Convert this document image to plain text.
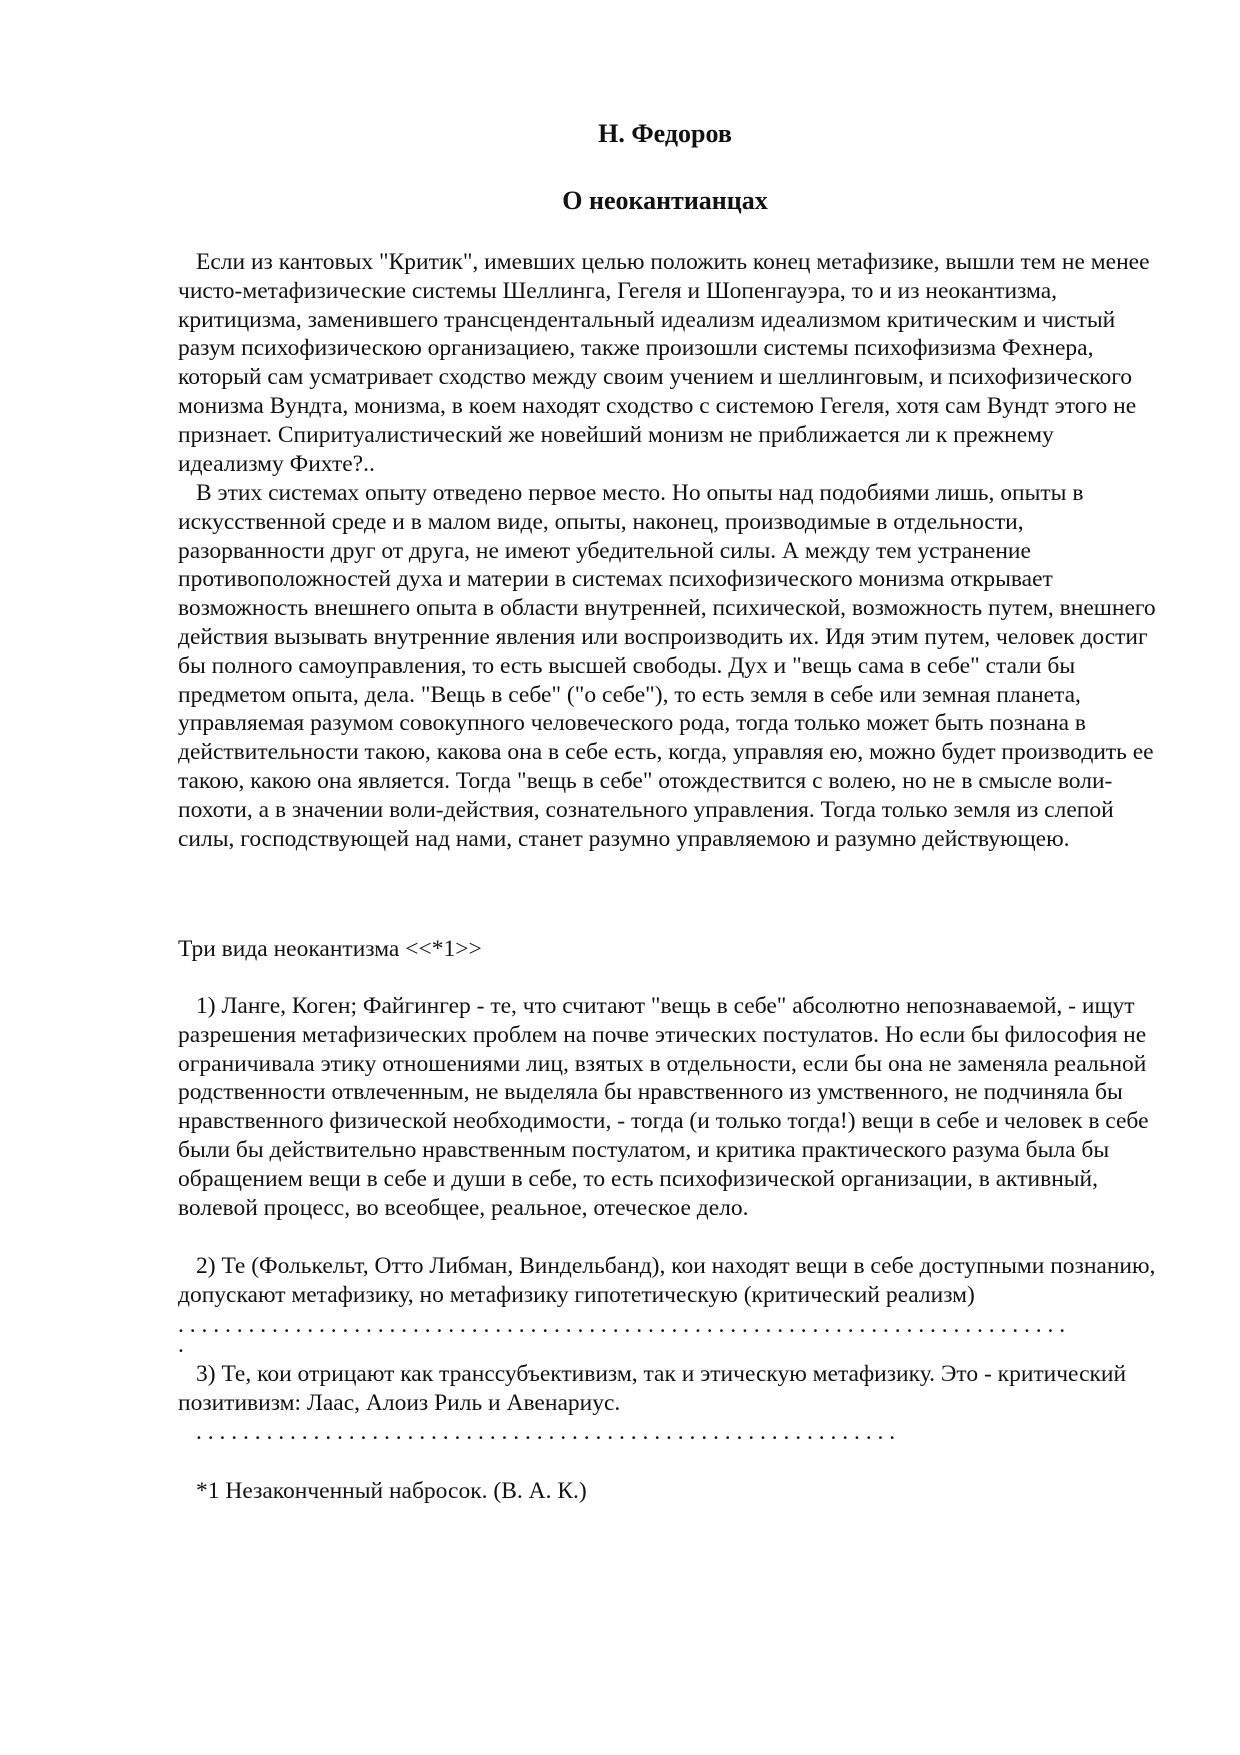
Н. Федоров
О неокантианцах

Если из кантовых "Критик", имевших целью положить конец метафизике, вышли тем не менее чисто-метафизические системы Шеллинга, Гегеля и Шопенгауэра, то и из неокантизма, критицизма, заменившего трансцендентальный идеализм идеализмом критическим и чистый разум психофизическою организациею, также произошли системы психофизизма Фехнера, который сам усматривает сходство между своим учением и шеллинговым, и психофизического монизма Вундта, монизма, в коем находят сходство с системою Гегеля, хотя сам Вундт этого не признает. Спиритуалистический же новейший монизм не приближается ли к прежнему идеализму Фихте?..

В этих системах опыту отведено первое место. Но опыты над подобиями лишь, опыты в искусственной среде и в малом виде, опыты, наконец, производимые в отдельности, разорванности друг от друга, не имеют убедительной силы. А между тем устранение противоположностей духа и материи в системах психофизического монизма открывает возможность внешнего опыта в области внутренней, психической, возможность путем, внешнего действия вызывать внутренние явления или воспроизводить их. Идя этим путем, человек достиг бы полного самоуправления, то есть высшей свободы. Дух и "вещь сама в себе" стали бы предметом опыта, дела. "Вещь в себе" ("о себе"), то есть земля в себе или земная планета, управляемая разумом совокупного человеческого рода, тогда только может быть познана в действительности такою, какова она в себе есть, когда, управляя ею, можно будет производить ее такою, какою она является. Тогда "вещь в себе" отождествится с волею, но не в смысле воли-похоти, а в значении воли-действия, сознательного управления. Тогда только земля из слепой силы, господствующей над нами, станет разумно управляемою и разумно действующею.

Три вида неокантизма <<*1>>

1) Ланге, Коген; Файгингер - те, что считают "вещь в себе" абсолютно непознаваемой, - ищут разрешения метафизических проблем на почве этических постулатов. Но если бы философия не ограничивала этику отношениями лиц, взятых в отдельности, если бы она не заменяла реальной родственности отвлеченным, не выделяла бы нравственного из умственного, не подчиняла бы нравственного физической необходимости, - тогда (и только тогда!) вещи в себе и человек в себе были бы действительно нравственным постулатом, и критика практического разума была бы обращением вещи в себе и души в себе, то есть психофизической организации, в активный, волевой процесс, во всеобщее, реальное, отеческое дело.

2) Те (Фолькельт, Отто Либман, Виндельбанд), кои находят вещи в себе доступными познанию, допускают метафизику, но метафизику гипотетическую (критический реализм)

. . . . . . . . . . . . . . . . . . . . . . . . . . . . . . . . . . . . . . . . . . . . . . . . . . . . . . . . . . . . . . . . . . . . . . . . . . . .

.

3) Те, кои отрицают как транссубъективизм, так и этическую метафизику. Это - критический позитивизм: Лаас, Алоиз Риль и Авенариус.

. . . . . . . . . . . . . . . . . . . . . . . . . . . . . . . . . . . . . . . . . . . . . . . . . . . . . . . . . . . .

*1 Незаконченный набросок. (В. А. К.)
